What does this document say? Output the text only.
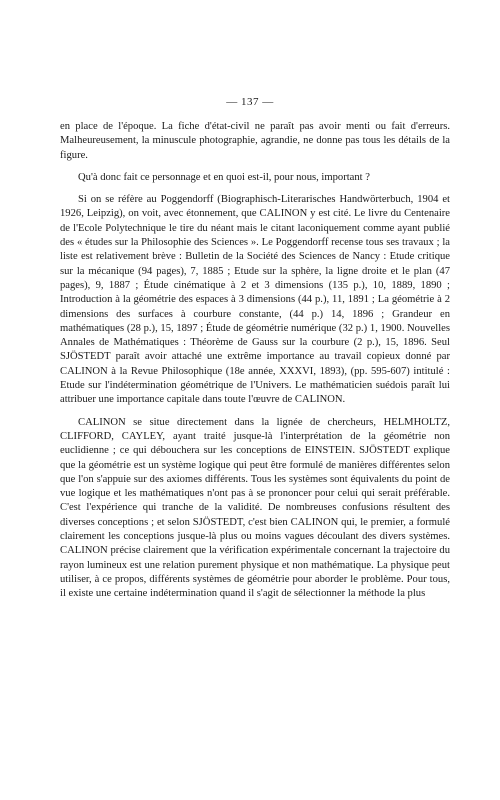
— 137 —

en place de l'époque. La fiche d'état-civil ne paraît pas avoir menti ou fait d'erreurs. Malheureusement, la minuscule photographie, agrandie, ne donne pas tous les détails de la figure.

Qu'à donc fait ce personnage et en quoi est-il, pour nous, important ?

Si on se réfère au Poggendorff (Biographisch-Literarisches Handwörterbuch, 1904 et 1926, Leipzig), on voit, avec étonnement, que CALINON y est cité. Le livre du Centenaire de l'Ecole Polytechnique le tire du néant mais le citant laconiquement comme ayant publié des « études sur la Philosophie des Sciences ». Le Poggendorff recense tous ses travaux ; la liste est relativement brève : Bulletin de la Société des Sciences de Nancy : Etude critique sur la mécanique (94 pages), 7, 1885 ; Etude sur la sphère, la ligne droite et le plan (47 pages), 9, 1887 ; Étude cinématique à 2 et 3 dimensions (135 p.), 10, 1889, 1890 ; Introduction à la géométrie des espaces à 3 dimensions (44 p.), 11, 1891 ; La géométrie à 2 dimensions des surfaces à courbure constante, (44 p.) 14, 1896 ; Grandeur en mathématiques (28 p.), 15, 1897 ; Étude de géométrie numérique (32 p.) 1, 1900. Nouvelles Annales de Mathématiques : Théorème de Gauss sur la courbure (2 p.), 15, 1896. Seul SJÖSTEDT paraît avoir attaché une extrême importance au travail copieux donné par CALINON à la Revue Philosophique (18e année, XXXVI, 1893), (pp. 595-607) intitulé : Etude sur l'indétermination géométrique de l'Univers. Le mathématicien suédois paraît lui attribuer une importance capitale dans toute l'œuvre de CALINON.

CALINON se situe directement dans la lignée de chercheurs, HELMHOLTZ, CLIFFORD, CAYLEY, ayant traité jusque-là l'interprétation de la géométrie non euclidienne ; ce qui débouchera sur les conceptions de EINSTEIN. SJÖSTEDT explique que la géométrie est un système logique qui peut être formulé de manières différentes selon que l'on s'appuie sur des axiomes différents. Tous les systèmes sont équivalents du point de vue logique et les mathématiques n'ont pas à se prononcer pour celui qui serait préférable. C'est l'expérience qui tranche de la validité. De nombreuses confusions résultent des diverses conceptions ; et selon SJÖSTEDT, c'est bien CALINON qui, le premier, a formulé clairement les conceptions jusque-là plus ou moins vagues découlant des divers systèmes. CALINON précise clairement que la vérification expérimentale concernant la trajectoire du rayon lumineux est une relation purement physique et non mathématique. La physique peut utiliser, à ce propos, différents systèmes de géométrie pour aborder le problème. Pour tous, il existe une certaine indétermination quand il s'agit de sélectionner la méthode la plus
